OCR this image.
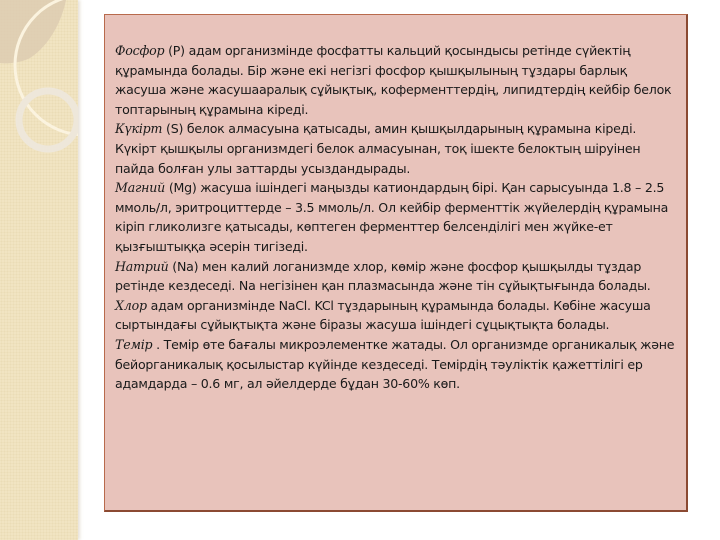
Фосфор (P) адам организмінде фосфатты кальций қосындысы ретінде сүйектің құрамында болады. Бір және екі негізгі фосфор қышқылының тұздары барлық жасуша және жасушааралық сұйықтық, коферменттердің, липидтердің кейбір белок топтарының құрамына кіреді.

Күкірт (S) белок алмасуына қатысады, амин қышқылдарының құрамына кіреді. Күкірт қышқылы организмдегі белок алмасуынан, тоқ ішекте белоктың шіруінен пайда болған улы заттарды усыздандырады.

Магний (Mg) жасуша ішіндегі маңызды катиондардың бірі. Қан сарысуында 1.8 – 2.5 ммоль/л, эритроциттерде – 3.5 ммоль/л. Ол кейбір ферменттік жүйелердің құрамына кіріп гликолизге қатысады, көптеген ферменттер белсенділігі мен жүйке-ет қызғыштыққа әсерін тигізеді.

Натрий (Na) мен калий логанизмде хлор, көмір және фосфор қышқылды тұздар ретінде кездеседі. Na негізінен қан плазмасында және тін сұйықтығында болады.

Хлор адам организмінде NaCl. KCl тұздарының құрамында болады. Көбіне жасуша сыртындағы сұйықтықта және біразы жасуша ішіндегі сұцықтықта болады.

Темір . Темір өте бағалы микроэлементке жатады. Ол организмде органикалық және бейорганикалық қосылыстар күйінде кездеседі. Темірдің тәуліктік қажеттілігі ер адамдарда – 0.6 мг, ал әйелдерде бұдан 30-60% көп.
